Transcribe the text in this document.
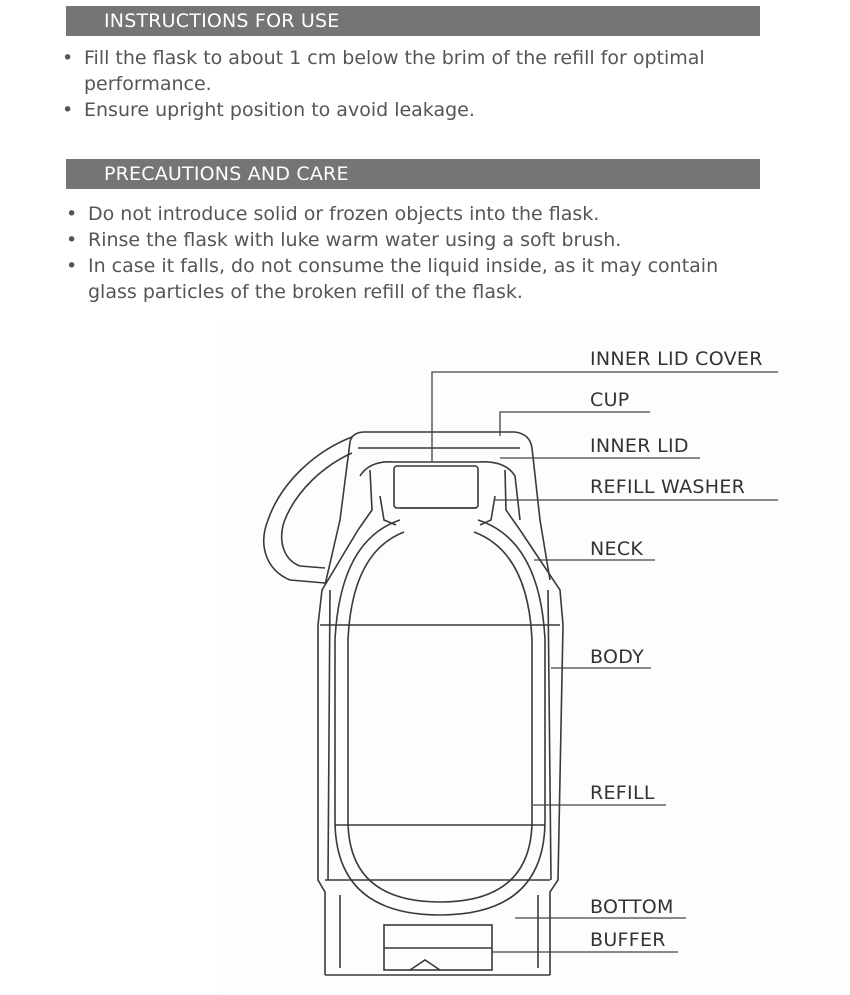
INSTRUCTIONS FOR USE
• Fill the flask to about 1 cm below the brim of the refill for optimal performance.
• Ensure upright position to avoid leakage.
PRECAUTIONS AND CARE
• Do not introduce solid or frozen objects into the flask.
• Rinse the flask with luke warm water using a soft brush.
• In case it falls, do not consume the liquid inside, as it may contain glass particles of the broken refill of the flask.
INNER LID COVER
CUP
INNER LID
REFILL WASHER
NECK
BODY
REFILL
BOTTOM
BUFFER
